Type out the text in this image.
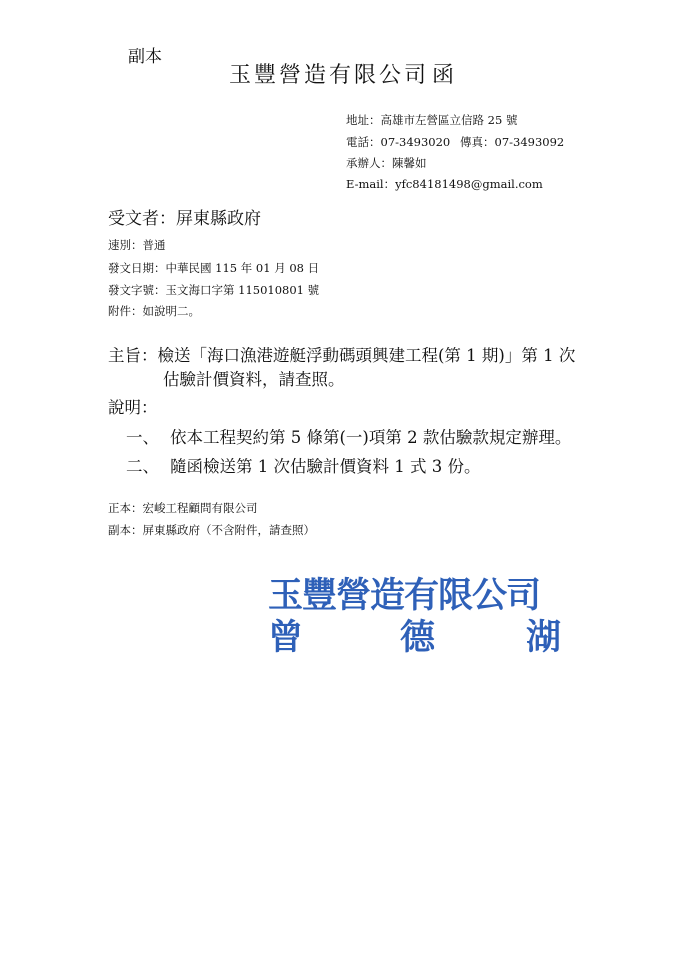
副本
玉豐營造有限公司 函
地址：高雄市左營區立信路 25 號
電話：07-3493020 傳真：07-3493092
承辦人：陳馨如
E-mail：yfc84181498@gmail.com
受文者：屏東縣政府
速別：普通
發文日期：中華民國 115 年 01 月 08 日
發文字號：玉文海口字第 115010801 號
附件：如說明二。
主旨：檢送「海口漁港遊艇浮動碼頭興建工程(第 1 期)」第 1 次
估驗計價資料，請查照。
說明：
一、 依本工程契約第 5 條第(一)項第 2 款估驗款規定辦理。
二、 隨函檢送第 1 次估驗計價資料 1 式 3 份。
正本：宏峻工程顧問有限公司
副本：屏東縣政府（不含附件，請查照）
玉豐營造有限公司
曾	德	湖
